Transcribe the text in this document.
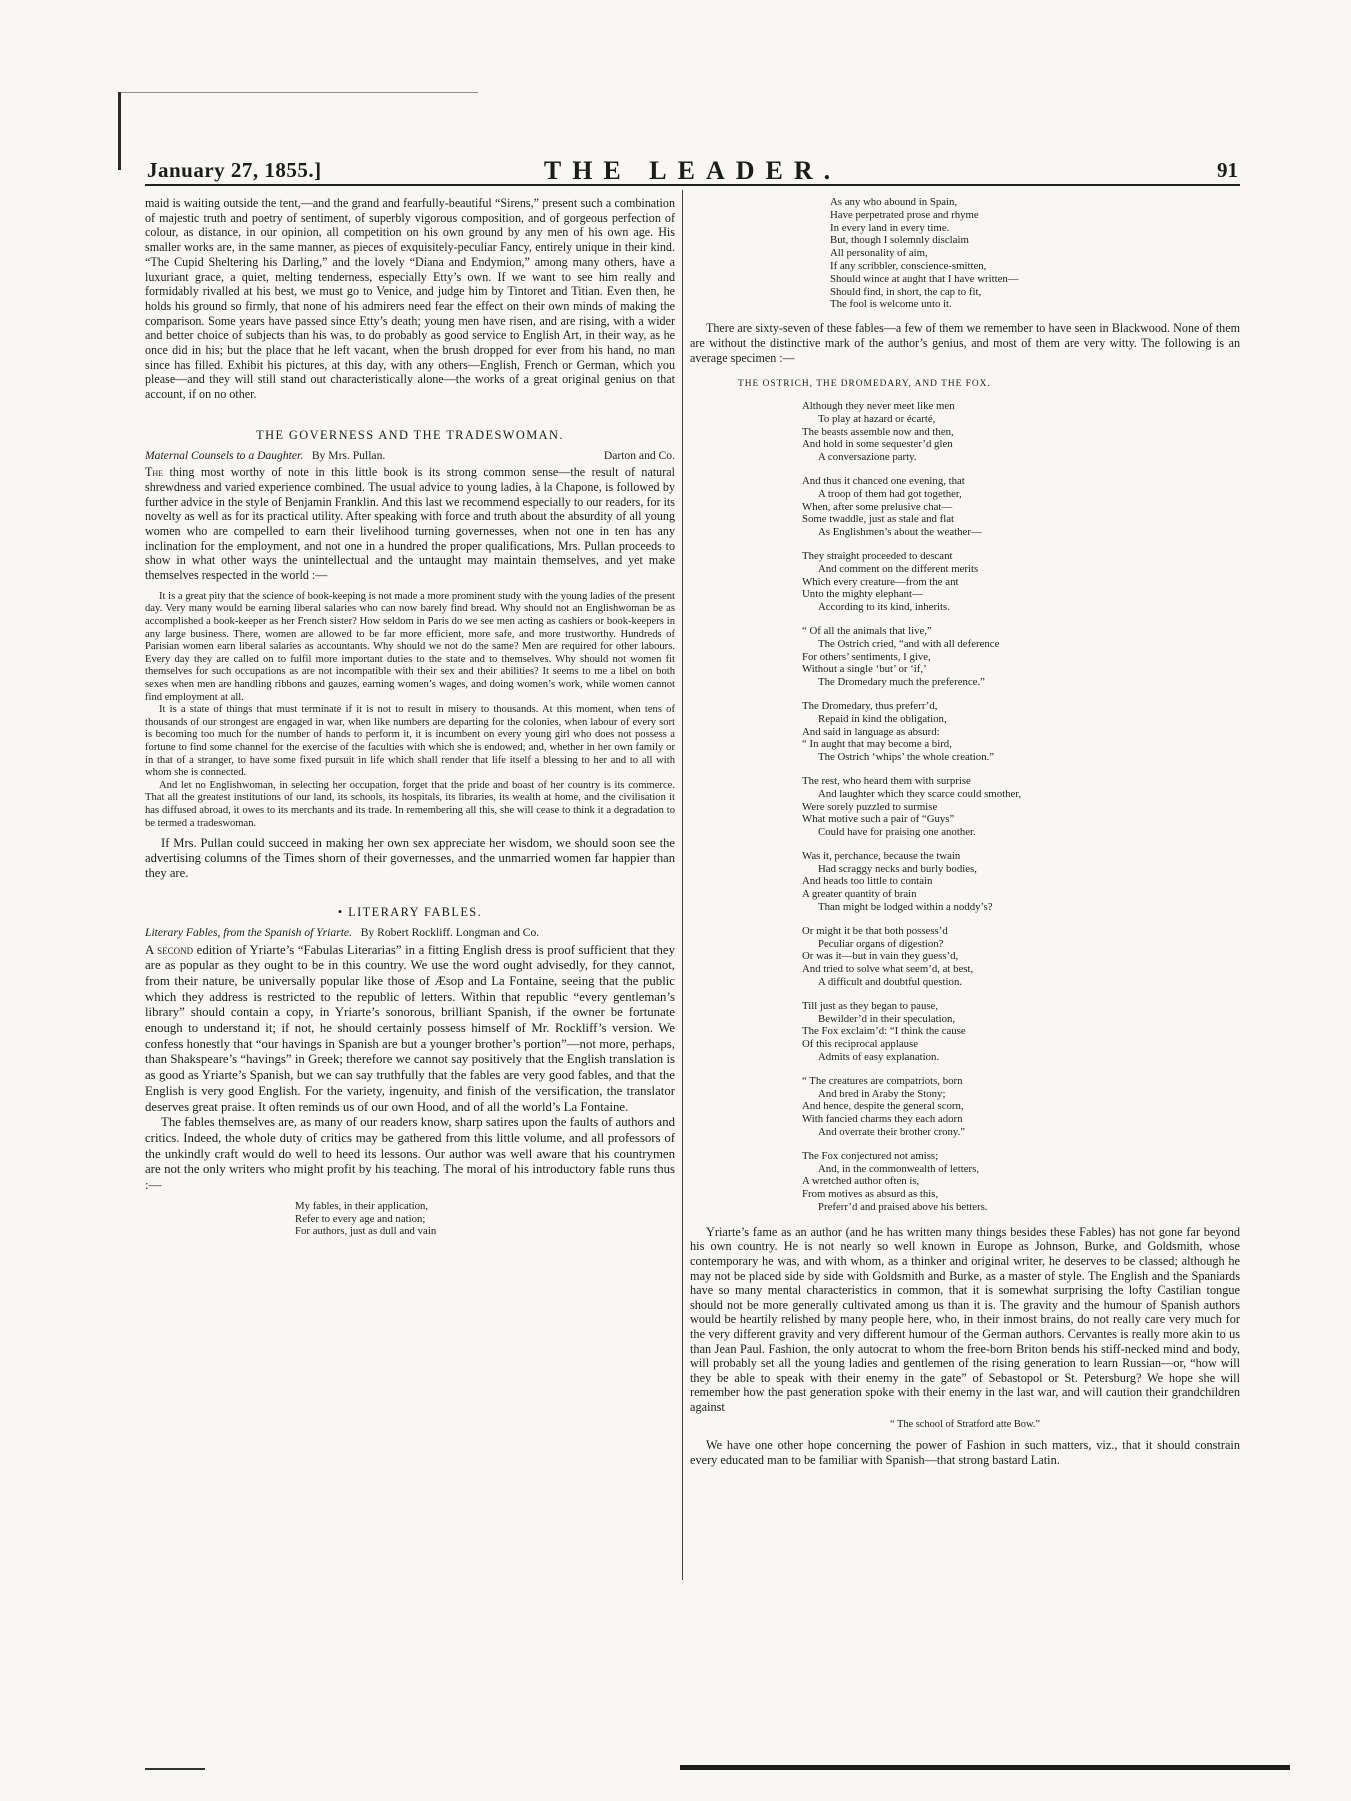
January 27, 1855.]	THE LEADER.	91

maid is waiting outside the tent,—and the grand and fearfully-beautiful “Sirens,” present such a combination of majestic truth and poetry of sentiment, of superbly vigorous composition, and of gorgeous perfection of colour, as distance, in our opinion, all competition on his own ground by any men of his own age. His smaller works are, in the same manner, as pieces of exquisitely-peculiar Fancy, entirely unique in their kind. “The Cupid Sheltering his Darling,” and the lovely “Diana and Endymion,” among many others, have a luxuriant grace, a quiet, melting tenderness, especially Etty’s own. If we want to see him really and formidably rivalled at his best, we must go to Venice, and judge him by Tintoret and Titian. Even then, he holds his ground so firmly, that none of his admirers need fear the effect on their own minds of making the comparison. Some years have passed since Etty’s death; young men have risen, and are rising, with a wider and better choice of subjects than his was, to do probably as good service to English Art, in their way, as he once did in his; but the place that he left vacant, when the brush dropped for ever from his hand, no man since has filled. Exhibit his pictures, at this day, with any others—English, French or German, which you please—and they will still stand out characteristically alone—the works of a great original genius on that account, if on no other.

THE GOVERNESS AND THE TRADESWOMAN.
Maternal Counsels to a Daughter. By Mrs. Pullan.	Darton and Co.

The thing most worthy of note in this little book is its strong common sense—the result of natural shrewdness and varied experience combined. The usual advice to young ladies, à la Chapone, is followed by further advice in the style of Benjamin Franklin. And this last we recommend especially to our readers, for its novelty as well as for its practical utility. After speaking with force and truth about the absurdity of all young women who are compelled to earn their livelihood turning governesses, when not one in ten has any inclination for the employment, and not one in a hundred the proper qualifications, Mrs. Pullan proceeds to show in what other ways the unintellectual and the untaught may maintain themselves, and yet make themselves respected in the world :—

It is a great pity that the science of book-keeping is not made a more prominent study with the young ladies of the present day. Very many would be earning liberal salaries who can now barely find bread. Why should not an Englishwoman be as accomplished a book-keeper as her French sister? How seldom in Paris do we see men acting as cashiers or book-keepers in any large business. There, women are allowed to be far more efficient, more safe, and more trustworthy. Hundreds of Parisian women earn liberal salaries as accountants. Why should we not do the same? Men are required for other labours. Every day they are called on to fulfil more important duties to the state and to themselves. Why should not women fit themselves for such occupations as are not incompatible with their sex and their abilities? It seems to me a libel on both sexes when men are handling ribbons and gauzes, earning women’s wages, and doing women’s work, while women cannot find employment at all.

It is a state of things that must terminate if it is not to result in misery to thousands. At this moment, when tens of thousands of our strongest are engaged in war, when like numbers are departing for the colonies, when labour of every sort is becoming too much for the number of hands to perform it, it is incumbent on every young girl who does not possess a fortune to find some channel for the exercise of the faculties with which she is endowed; and, whether in her own family or in that of a stranger, to have some fixed pursuit in life which shall render that life itself a blessing to her and to all with whom she is connected.

And let no Englishwoman, in selecting her occupation, forget that the pride and boast of her country is its commerce. That all the greatest institutions of our land, its schools, its hospitals, its libraries, its wealth at home, and the civilisation it has diffused abroad, it owes to its merchants and its trade. In remembering all this, she will cease to think it a degradation to be termed a tradeswoman.

If Mrs. Pullan could succeed in making her own sex appreciate her wisdom, we should soon see the advertising columns of the Times shorn of their governesses, and the unmarried women far happier than they are.

• LITERARY FABLES.
Literary Fables, from the Spanish of Yriarte. By Robert Rockliff. Longman and Co.

A second edition of Yriarte’s “Fabulas Literarias” in a fitting English dress is proof sufficient that they are as popular as they ought to be in this country. We use the word ought advisedly, for they cannot, from their nature, be universally popular like those of Æsop and La Fontaine, seeing that the public which they address is restricted to the republic of letters. Within that republic “every gentleman’s library” should contain a copy, in Yriarte’s sonorous, brilliant Spanish, if the owner be fortunate enough to understand it; if not, he should certainly possess himself of Mr. Rockliff’s version. We confess honestly that “our havings in Spanish are but a younger brother’s portion”—not more, perhaps, than Shakspeare’s “havings” in Greek; therefore we cannot say positively that the English translation is as good as Yriarte’s Spanish, but we can say truthfully that the fables are very good fables, and that the English is very good English. For the variety, ingenuity, and finish of the versification, the translator deserves great praise. It often reminds us of our own Hood, and of all the world’s La Fontaine.

The fables themselves are, as many of our readers know, sharp satires upon the faults of authors and critics. Indeed, the whole duty of critics may be gathered from this little volume, and all professors of the unkindly craft would do well to heed its lessons. Our author was well aware that his countrymen are not the only writers who might profit by his teaching. The moral of his introductory fable runs thus :—

My fables, in their application,
Refer to every age and nation;
For authors, just as dull and vain
As any who abound in Spain,
Have perpetrated prose and rhyme
In every land in every time.
But, though I solemnly disclaim
All personality of aim,
If any scribbler, conscience-smitten,
Should wince at aught that I have written—
Should find, in short, the cap to fit,
The fool is welcome unto it.

There are sixty-seven of these fables—a few of them we remember to have seen in Blackwood. None of them are without the distinctive mark of the author’s genius, and most of them are very witty. The following is an average specimen :—

THE OSTRICH, THE DROMEDARY, AND THE FOX.
Although they never meet like men
To play at hazard or écarté,
The beasts assemble now and then,
And hold in some sequester’d glen
A conversazione party.
And thus it chanced one evening, that
A troop of them had got together,
When, after some prelusive chat—
Some twaddle, just as stale and flat
As Englishmen’s about the weather—
They straight proceeded to descant
And comment on the different merits
Which every creature—from the ant
Unto the mighty elephant—
According to its kind, inherits.
“ Of all the animals that live,”
The Ostrich cried, “and with all deference
For others’ sentiments, I give,
Without a single ‘but’ or ‘if,’
The Dromedary much the preference.”
The Dromedary, thus preferr’d,
Repaid in kind the obligation,
And said in language as absurd:
“ In aught that may become a bird,
The Ostrich ‘whips’ the whole creation.”
The rest, who heard them with surprise
And laughter which they scarce could smother,
Were sorely puzzled to surmise
What motive such a pair of “Guys”
Could have for praising one another.
Was it, perchance, because the twain
Had scraggy necks and burly bodies,
And heads too little to contain
A greater quantity of brain
Than might be lodged within a noddy’s?
Or might it be that both possess’d
Peculiar organs of digestion?
Or was it—but in vain they guess’d,
And tried to solve what seem’d, at best,
A difficult and doubtful question.
Till just as they began to pause,
Bewilder’d in their speculation,
The Fox exclaim’d: “I think the cause
Of this reciprocal applause
Admits of easy explanation.
“ The creatures are compatriots, born
And bred in Araby the Stony;
And hence, despite the general scorn,
With fancied charms they each adorn
And overrate their brother crony.”
The Fox conjectured not amiss;
And, in the commonwealth of letters,
A wretched author often is,
From motives as absurd as this,
Preferr’d and praised above his betters.

Yriarte’s fame as an author (and he has written many things besides these Fables) has not gone far beyond his own country. He is not nearly so well known in Europe as Johnson, Burke, and Goldsmith, whose contemporary he was, and with whom, as a thinker and original writer, he deserves to be classed; although he may not be placed side by side with Goldsmith and Burke, as a master of style. The English and the Spaniards have so many mental characteristics in common, that it is somewhat surprising the lofty Castilian tongue should not be more generally cultivated among us than it is. The gravity and the humour of Spanish authors would be heartily relished by many people here, who, in their inmost brains, do not really care very much for the very different gravity and very different humour of the German authors. Cervantes is really more akin to us than Jean Paul. Fashion, the only autocrat to whom the free-born Briton bends his stiff-necked mind and body, will probably set all the young ladies and gentlemen of the rising generation to learn Russian—or, “how will they be able to speak with their enemy in the gate” of Sebastopol or St. Petersburg? We hope she will remember how the past generation spoke with their enemy in the last war, and will caution their grandchildren against

“ The school of Stratford atte Bow.”

We have one other hope concerning the power of Fashion in such matters, viz., that it should constrain every educated man to be familiar with Spanish—that strong bastard Latin.
